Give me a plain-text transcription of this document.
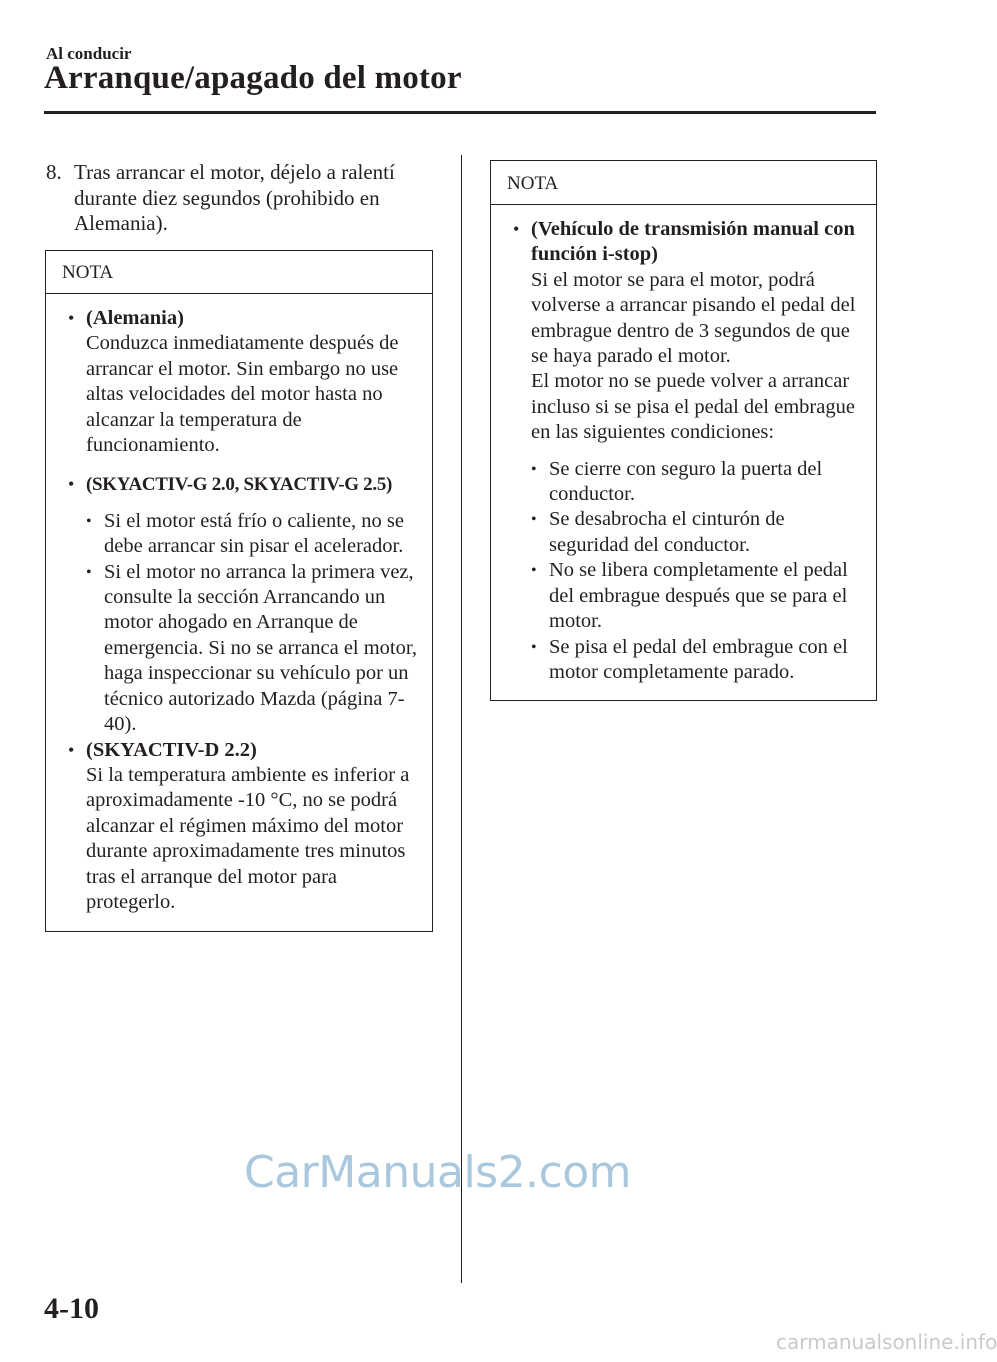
Al conducir
Arranque/apagado del motor
8. Tras arrancar el motor, déjelo a ralentí durante diez segundos (prohibido en Alemania).
NOTA
• (Alemania)

Conduzca inmediatamente después de arrancar el motor. Sin embargo no use altas velocidades del motor hasta no alcanzar la temperatura de funcionamiento.

• (SKYACTIV-G 2.0, SKYACTIV-G 2.5)
• Si el motor está frío o caliente, no se debe arrancar sin pisar el acelerador.
• Si el motor no arranca la primera vez, consulte la sección Arrancando un motor ahogado en Arranque de emergencia. Si no se arranca el motor, haga inspeccionar su vehículo por un técnico autorizado Mazda (página 7-40).
• (SKYACTIV-D 2.2)

Si la temperatura ambiente es inferior a aproximadamente -10 °C, no se podrá alcanzar el régimen máximo del motor durante aproximadamente tres minutos tras el arranque del motor para protegerlo.

NOTA
• (Vehículo de transmisión manual con función i-stop)

Si el motor se para el motor, podrá volverse a arrancar pisando el pedal del embrague dentro de 3 segundos de que se haya parado el motor.

El motor no se puede volver a arrancar incluso si se pisa el pedal del embrague en las siguientes condiciones:

• Se cierre con seguro la puerta del conductor.
• Se desabrocha el cinturón de seguridad del conductor.
• No se libera completamente el pedal del embrague después que se para el motor.
• Se pisa el pedal del embrague con el motor completamente parado.
CarManuals2.com
4-10
carmanualsonline.info
